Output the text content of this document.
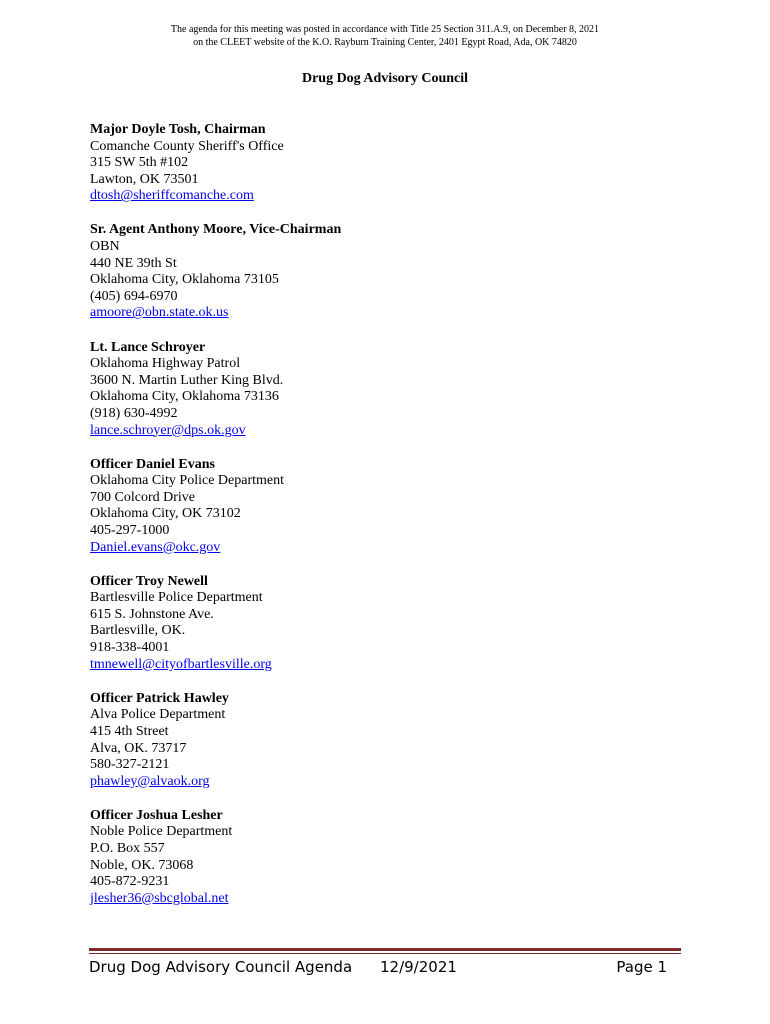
The agenda for this meeting was posted in accordance with Title 25 Section 311.A.9, on December 8, 2021
on the CLEET website of the K.O. Rayburn Training Center, 2401 Egypt Road, Ada, OK 74820
Drug Dog Advisory Council
Major Doyle Tosh, Chairman
Comanche County Sheriff's Office
315 SW 5th #102
Lawton, OK 73501
dtosh@sheriffcomanche.com
Sr. Agent Anthony Moore, Vice-Chairman
OBN
440 NE 39th St
Oklahoma City, Oklahoma 73105
(405) 694-6970
amoore@obn.state.ok.us
Lt. Lance Schroyer
Oklahoma Highway Patrol
3600 N. Martin Luther King Blvd.
Oklahoma City, Oklahoma 73136
(918) 630-4992
lance.schroyer@dps.ok.gov
Officer Daniel Evans
Oklahoma City Police Department
700 Colcord Drive
Oklahoma City, OK 73102
405-297-1000
Daniel.evans@okc.gov
Officer Troy Newell
Bartlesville Police Department
615 S. Johnstone Ave.
Bartlesville, OK.
918-338-4001
tmnewell@cityofbartlesville.org
Officer Patrick Hawley
Alva Police Department
415 4th Street
Alva, OK. 73717
580-327-2121
phawley@alvaok.org
Officer Joshua Lesher
Noble Police Department
P.O. Box 557
Noble, OK. 73068
405-872-9231
jlesher36@sbcglobal.net
Drug Dog Advisory Council Agenda 12/9/2021	Page 1
